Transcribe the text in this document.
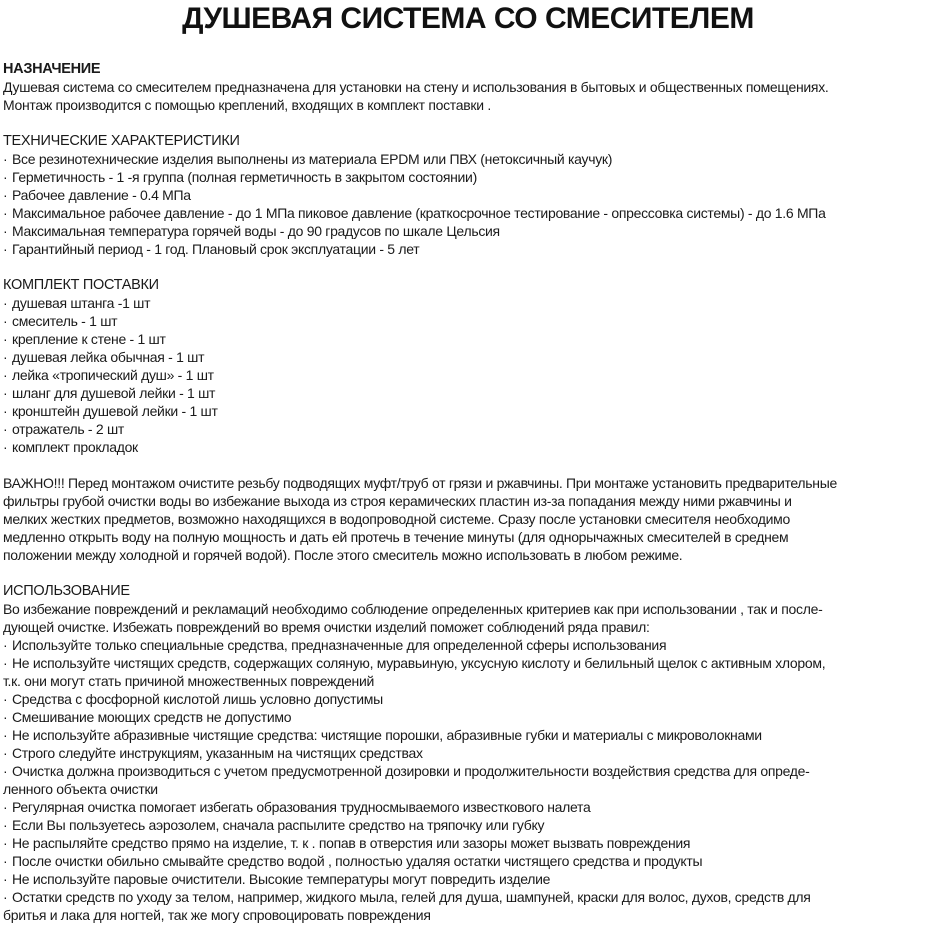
ДУШЕВАЯ СИСТЕМА СО СМЕСИТЕЛЕМ
НАЗНАЧЕНИЕ
Душевая система со смесителем предназначена для установки на стену и использования в бытовых и общественных помещениях.
Монтаж производится с помощью креплений, входящих в комплект поставки .
ТЕХНИЧЕСКИЕ ХАРАКТЕРИСТИКИ
· Все резинотехнические изделия выполнены из материала EPDM или ПВХ (нетоксичный каучук)
· Герметичность - 1 -я группа (полная герметичность в закрытом состоянии)
· Рабочее давление - 0.4 МПа
· Максимальное рабочее давление - до 1 МПа пиковое давление (краткосрочное тестирование - опрессовка системы) - до 1.6 МПа
· Максимальная температура горячей воды - до 90 градусов по шкале Цельсия
· Гарантийный период - 1 год. Плановый срок эксплуатации - 5 лет
КОМПЛЕКТ ПОСТАВКИ
· душевая штанга -1 шт
· смеситель - 1 шт
· крепление к стене - 1 шт
· душевая лейка обычная - 1 шт
· лейка «тропический душ» - 1 шт
· шланг для душевой лейки - 1 шт
· кронштейн душевой лейки - 1 шт
· отражатель - 2 шт
· комплект прокладок
ВАЖНО!!! Перед монтажом очистите резьбу подводящих муфт/труб от грязи и ржавчины. При монтаже установить предварительные
фильтры грубой очистки воды во избежание выхода из строя керамических пластин из-за попадания между ними ржавчины и
мелких жестких предметов, возможно находящихся в водопроводной системе. Сразу после установки смесителя необходимо
медленно открыть воду на полную мощность и дать ей протечь в течение минуты (для однорычажных смесителей в среднем
положении между холодной и горячей водой). После этого смеситель можно использовать в любом режиме.
ИСПОЛЬЗОВАНИЕ
Во избежание повреждений и рекламаций необходимо соблюдение определенных критериев как при использовании , так и после-
дующей очистке. Избежать повреждений во время очистки изделий поможет соблюдений ряда правил:
· Используйте только специальные средства, предназначенные для определенной сферы использования
· Не используйте чистящих средств, содержащих соляную, муравьиную, уксусную кислоту и белильный щелок с активным хлором,
т.к. они могут стать причиной множественных повреждений
· Средства с фосфорной кислотой лишь условно допустимы
· Смешивание моющих средств не допустимо
· Не используйте абразивные чистящие средства: чистящие порошки, абразивные губки и материалы с микроволокнами
· Строго следуйте инструкциям, указанным на чистящих средствах
· Очистка должна производиться с учетом предусмотренной дозировки и продолжительности воздействия средства для опреде-
ленного объекта очистки
· Регулярная очистка помогает избегать образования трудносмываемого известкового налета
· Если Вы пользуетесь аэрозолем, сначала распылите средство на тряпочку или губку
· Не распыляйте средство прямо на изделие, т. к . попав в отверстия или зазоры может вызвать повреждения
· После очистки обильно смывайте средство водой , полностью удаляя остатки чистящего средства и продукты
· Не используйте паровые очистители. Высокие температуры могут повредить изделие
· Остатки средств по уходу за телом, например, жидкого мыла, гелей для душа, шампуней, краски для волос, духов, средств для
бритья и лака для ногтей, так же могу спровоцировать повреждения
